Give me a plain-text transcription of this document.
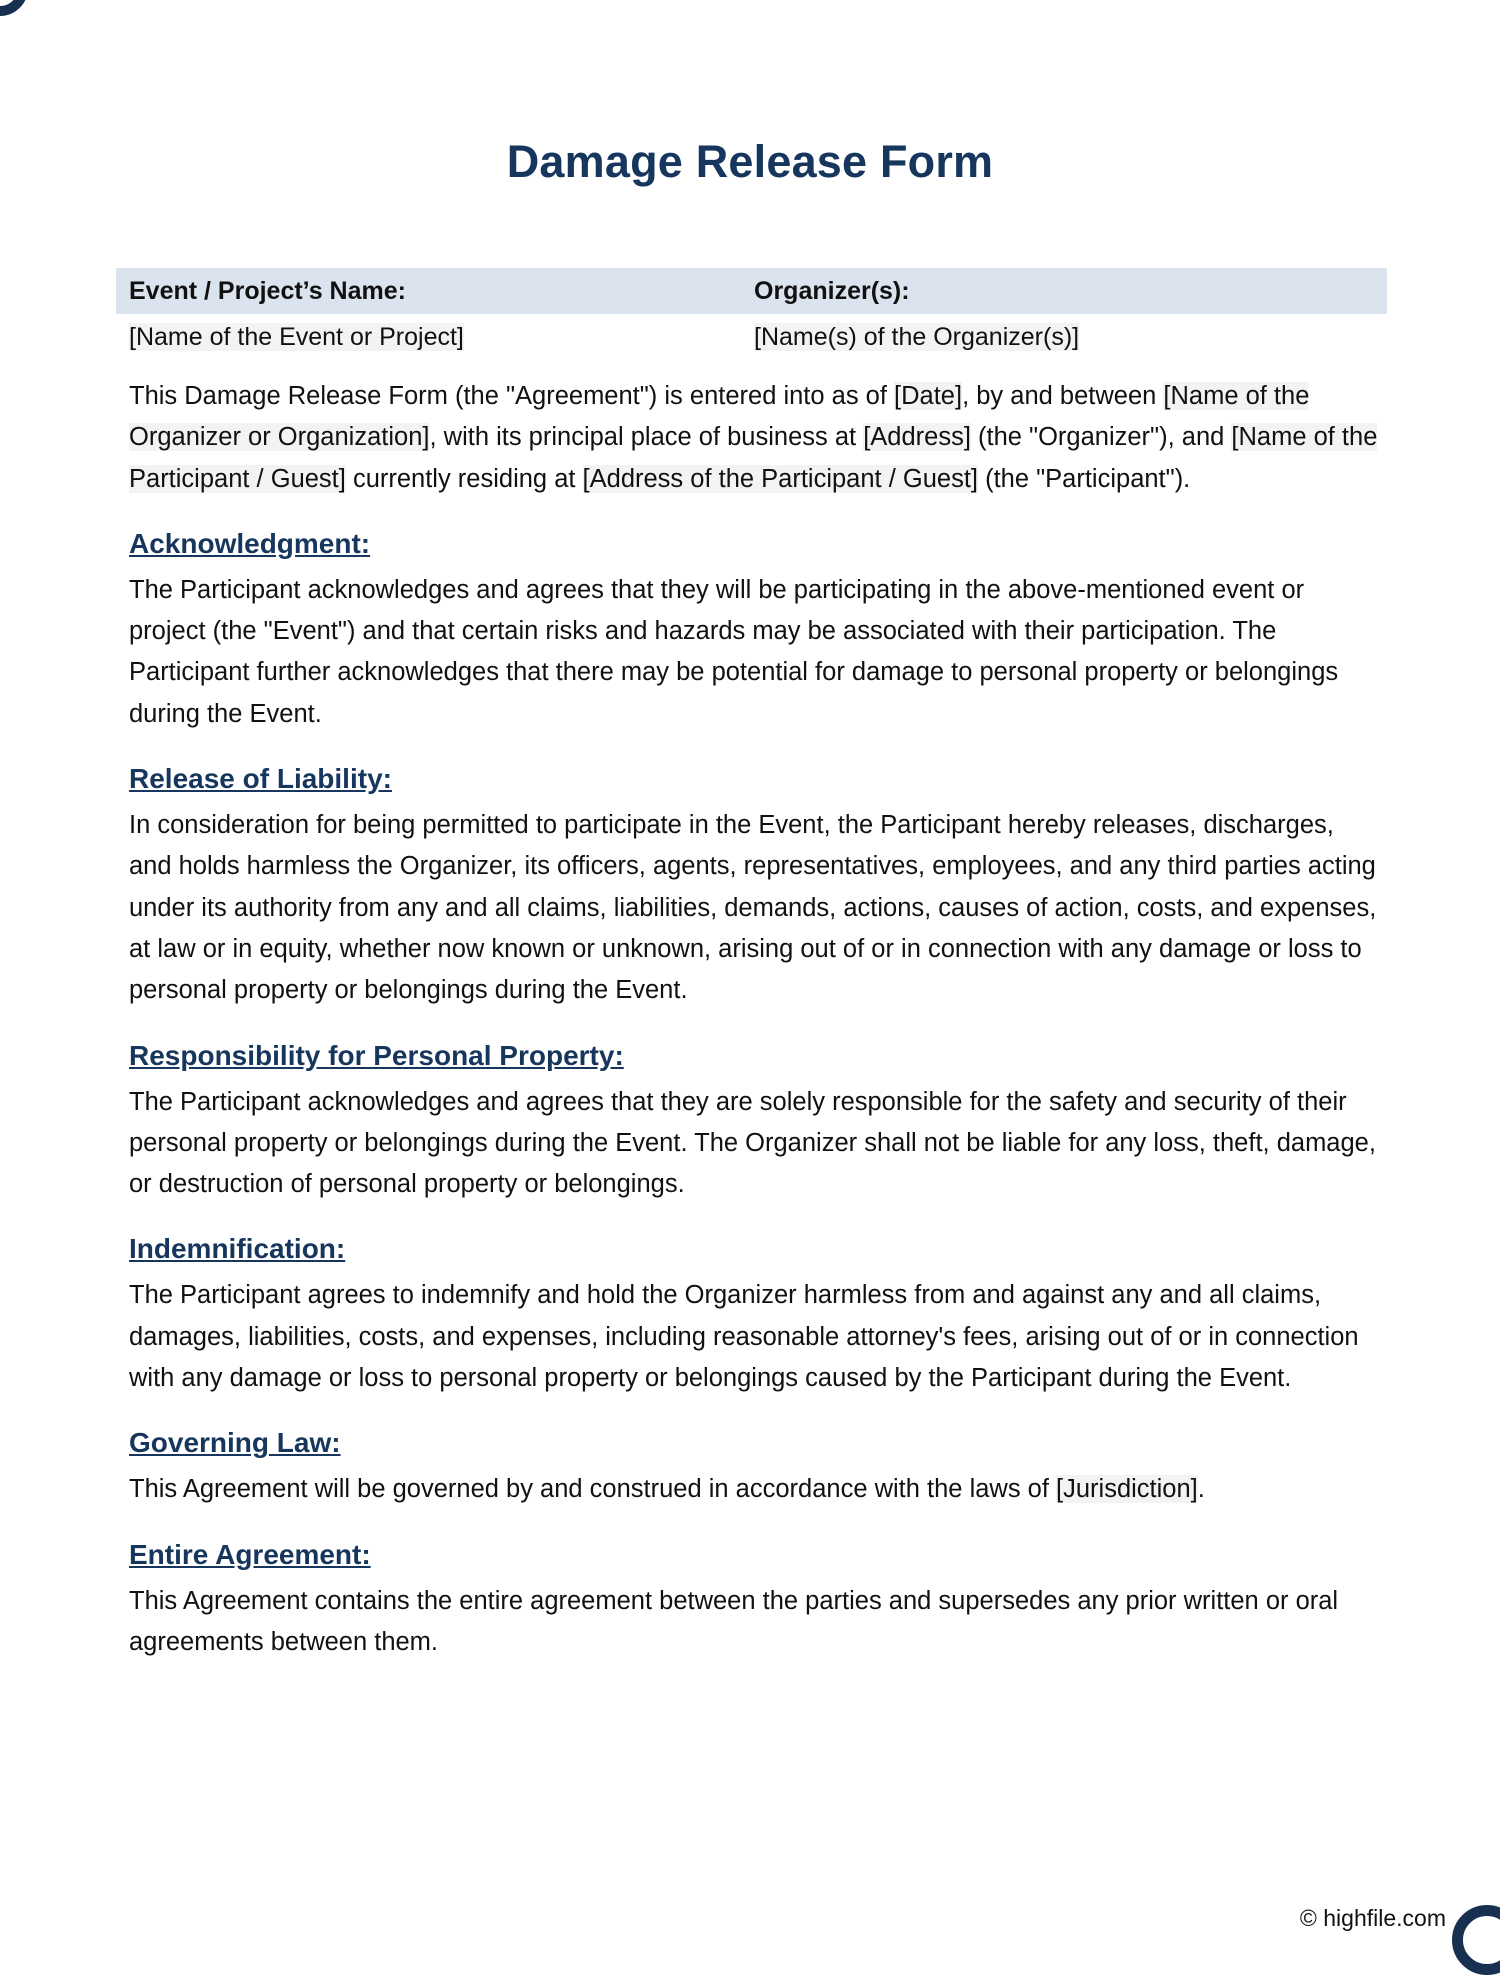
Damage Release Form
Event / Project’s Name:	Organizer(s):
[Name of the Event or Project]	[Name(s) of the Organizer(s)]

This Damage Release Form (the "Agreement") is entered into as of [Date], by and between [Name of the Organizer or Organization], with its principal place of business at [Address] (the "Organizer"), and [Name of the Participant / Guest] currently residing at [Address of the Participant / Guest] (the "Participant").

Acknowledgment:

The Participant acknowledges and agrees that they will be participating in the above-mentioned event or project (the "Event") and that certain risks and hazards may be associated with their participation. The Participant further acknowledges that there may be potential for damage to personal property or belongings during the Event.

Release of Liability:

In consideration for being permitted to participate in the Event, the Participant hereby releases, discharges, and holds harmless the Organizer, its officers, agents, representatives, employees, and any third parties acting under its authority from any and all claims, liabilities, demands, actions, causes of action, costs, and expenses, at law or in equity, whether now known or unknown, arising out of or in connection with any damage or loss to personal property or belongings during the Event.

Responsibility for Personal Property:

The Participant acknowledges and agrees that they are solely responsible for the safety and security of their personal property or belongings during the Event. The Organizer shall not be liable for any loss, theft, damage, or destruction of personal property or belongings.

Indemnification:

The Participant agrees to indemnify and hold the Organizer harmless from and against any and all claims, damages, liabilities, costs, and expenses, including reasonable attorney's fees, arising out of or in connection with any damage or loss to personal property or belongings caused by the Participant during the Event.

Governing Law:

This Agreement will be governed by and construed in accordance with the laws of [Jurisdiction].

Entire Agreement:

This Agreement contains the entire agreement between the parties and supersedes any prior written or oral agreements between them.

© highfile.com
